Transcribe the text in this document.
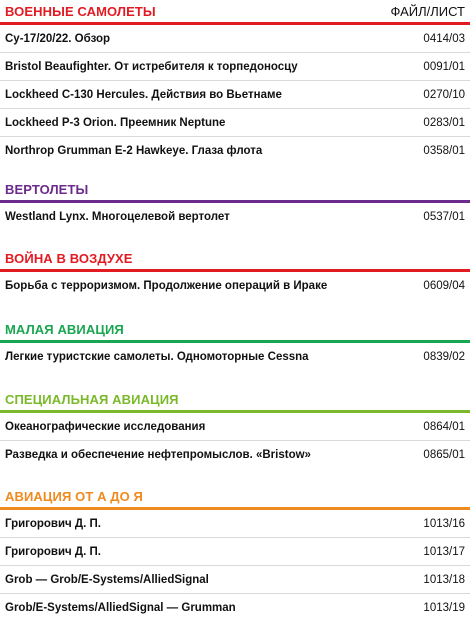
ВОЕННЫЕ САМОЛЕТЫ	ФАЙЛ/ЛИСТ
Су-17/20/22. Обзор	0414/03
Bristol Beaufighter. От истребителя к торпедоносцу	0091/01
Lockheed C-130 Hercules. Действия во Вьетнаме	0270/10
Lockheed P-3 Orion. Преемник Neptune	0283/01
Northrop Grumman E-2 Hawkeye. Глаза флота	0358/01
ВЕРТОЛЕТЫ
Westland Lynx. Многоцелевой вертолет	0537/01
ВОЙНА В ВОЗДУХЕ
Борьба с терроризмом. Продолжение операций в Ираке	0609/04
МАЛАЯ АВИАЦИЯ
Легкие туристские самолеты. Одномоторные Cessna	0839/02
СПЕЦИАЛЬНАЯ АВИАЦИЯ
Океанографические исследования	0864/01
Разведка и обеспечение нефтепромыслов. «Bristow»	0865/01
АВИАЦИЯ ОТ А ДО Я
Григорович Д. П.	1013/16
Григорович Д. П.	1013/17
Grob — Grob/E-Systems/AlliedSignal	1013/18
Grob/E-Systems/AlliedSignal — Grumman	1013/19
